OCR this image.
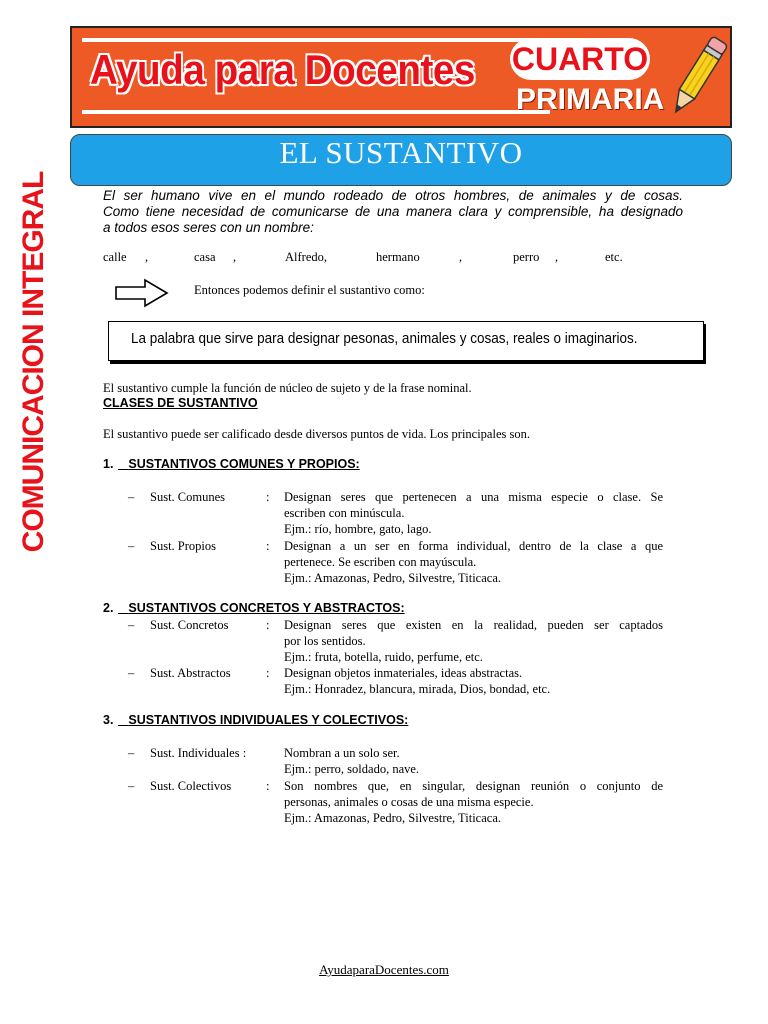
Ayuda para Docentes CUARTO
PRIMARIA
EL SUSTANTIVO
COMUNICACION INTEGRAL	El ser humano vive en el mundo rodeado de otros hombres, de animales y de cosas.
Como tiene necesidad de comunicarse de una manera clara y comprensible, ha designado
a todos esos seres con un nombre:
calle ,	casa ,	Alfredo,	hermano	,	perro ,	etc.
Entonces podemos definir el sustantivo como:
La palabra que sirve para designar pesonas, animales y cosas, reales o imaginarios.
El sustantivo cumple la función de núcleo de sujeto y de la frase nominal.
CLASES DE SUSTANTIVO
El sustantivo puede ser calificado desde diversos puntos de vida. Los principales son.
1.	SUSTANTIVOS COMUNES Y PROPIOS:
– Sust. Comunes	: Designan seres que pertenecen a una misma especie o clase. Se
escriben con minúscula.
Ejm.: río, hombre, gato, lago.
– Sust. Propios	: Designan a un ser en forma individual, dentro de la clase a que
pertenece. Se escriben con mayúscula.
Ejm.: Amazonas, Pedro, Silvestre, Titicaca.
2.	SUSTANTIVOS CONCRETOS Y ABSTRACTOS:
– Sust. Concretos	: Designan seres que existen en la realidad, pueden ser captados
por los sentidos.
Ejm.: fruta, botella, ruido, perfume, etc.
– Sust. Abstractos	: Designan objetos inmateriales, ideas abstractas.
Ejm.: Honradez, blancura, mirada, Dios, bondad, etc.
3.	SUSTANTIVOS INDIVIDUALES Y COLECTIVOS:
– Sust. Individuales :	Nombran a un solo ser.
Ejm.: perro, soldado, nave.
– Sust. Colectivos	: Son nombres que, en singular, designan reunión o conjunto de
personas, animales o cosas de una misma especie.
Ejm.: Amazonas, Pedro, Silvestre, Titicaca.
AyudaparaDocentes.com
